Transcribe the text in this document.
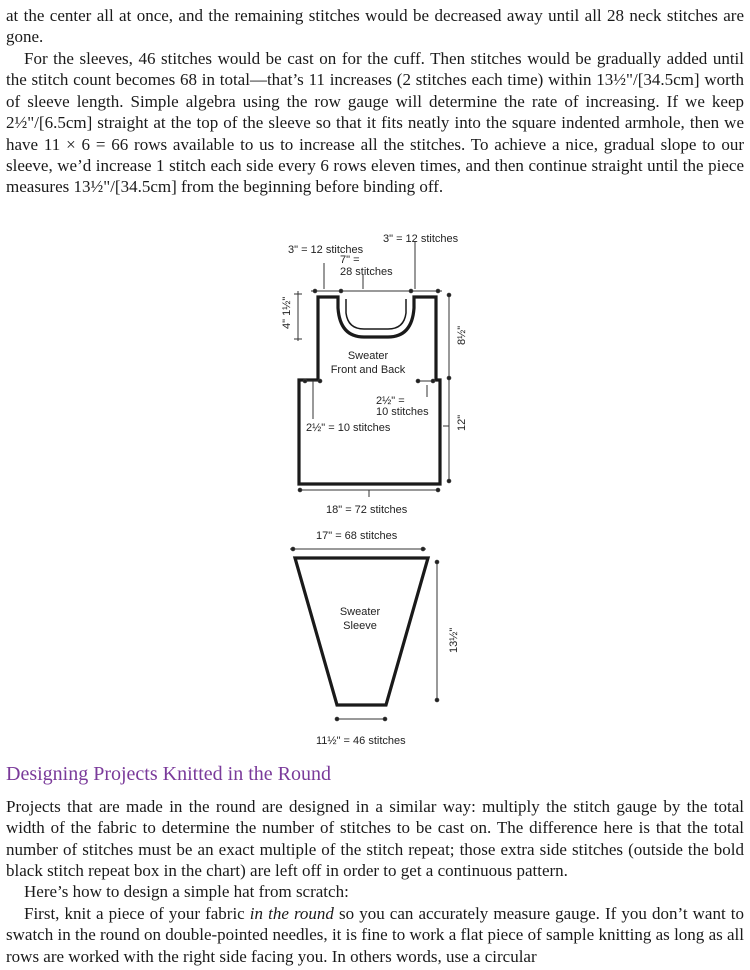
at the center all at once, and the remaining stitches would be decreased away until all 28 neck stitches are gone.

For the sleeves, 46 stitches would be cast on for the cuff. Then stitches would be gradually added until the stitch count becomes 68 in total—that’s 11 increases (2 stitches each time) within 13½"/[34.5cm] worth of sleeve length. Simple algebra using the row gauge will determine the rate of increasing. If we keep 2½"/[6.5cm] straight at the top of the sleeve so that it fits neatly into the square indented armhole, then we have 11 × 6 = 66 rows available to us to increase all the stitches. To achieve a nice, gradual slope to our sleeve, we’d increase 1 stitch each side every 6 rows eleven times, and then continue straight until the piece measures 13½"/[34.5cm] from the beginning before binding off.

3" = 12 stitches
3" = 12 stitches
7" =
28 stitches
4" 1½"
8½"
Sweater
Front and Back
2½" =
10 stitches
2½" = 10 stitches	12"
18" = 72 stitches
17" = 68 stitches
Sweater
Sleeve
13½"
11½" = 46 stitches
Designing Projects Knitted in the Round

Projects that are made in the round are designed in a similar way: multiply the stitch gauge by the total width of the fabric to determine the number of stitches to be cast on. The difference here is that the total number of stitches must be an exact multiple of the stitch repeat; those extra side stitches (outside the bold black stitch repeat box in the chart) are left off in order to get a continuous pattern.

Here’s how to design a simple hat from scratch:

First, knit a piece of your fabric in the round so you can accurately measure gauge. If you don’t want to swatch in the round on double-pointed needles, it is fine to work a flat piece of sample knitting as long as all rows are worked with the right side facing you. In others words, use a circular
